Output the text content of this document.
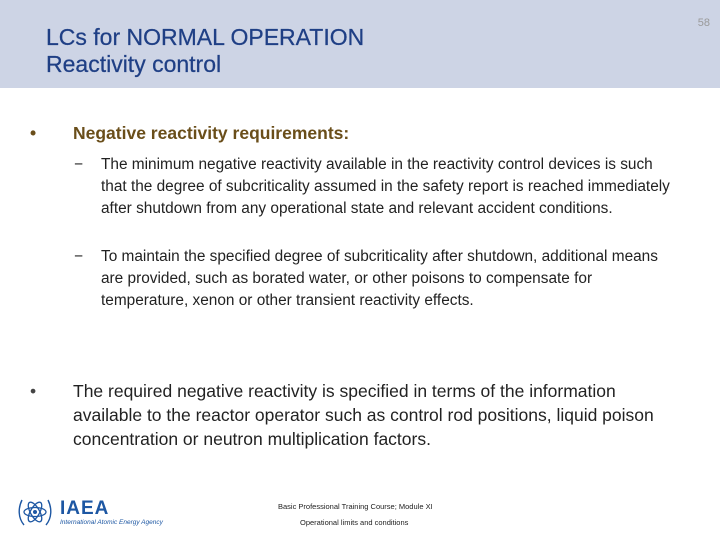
LCs for NORMAL OPERATION
Reactivity control
58
• Negative reactivity requirements:
− The minimum negative reactivity available in the reactivity control devices is such that the degree of subcriticality assumed in the safety report is reached immediately after shutdown from any operational state and relevant accident conditions.
− To maintain the specified degree of subcriticality after shutdown, additional means are provided, such as borated water, or other poisons to compensate for temperature, xenon or other transient reactivity effects.
• The required negative reactivity is specified in terms of the information available to the reactor operator such as control rod positions, liquid poison concentration or neutron multiplication factors.
IAEA
International Atomic Energy Agency
Basic Professional Training Course; Module XI
Operational limits and conditions
